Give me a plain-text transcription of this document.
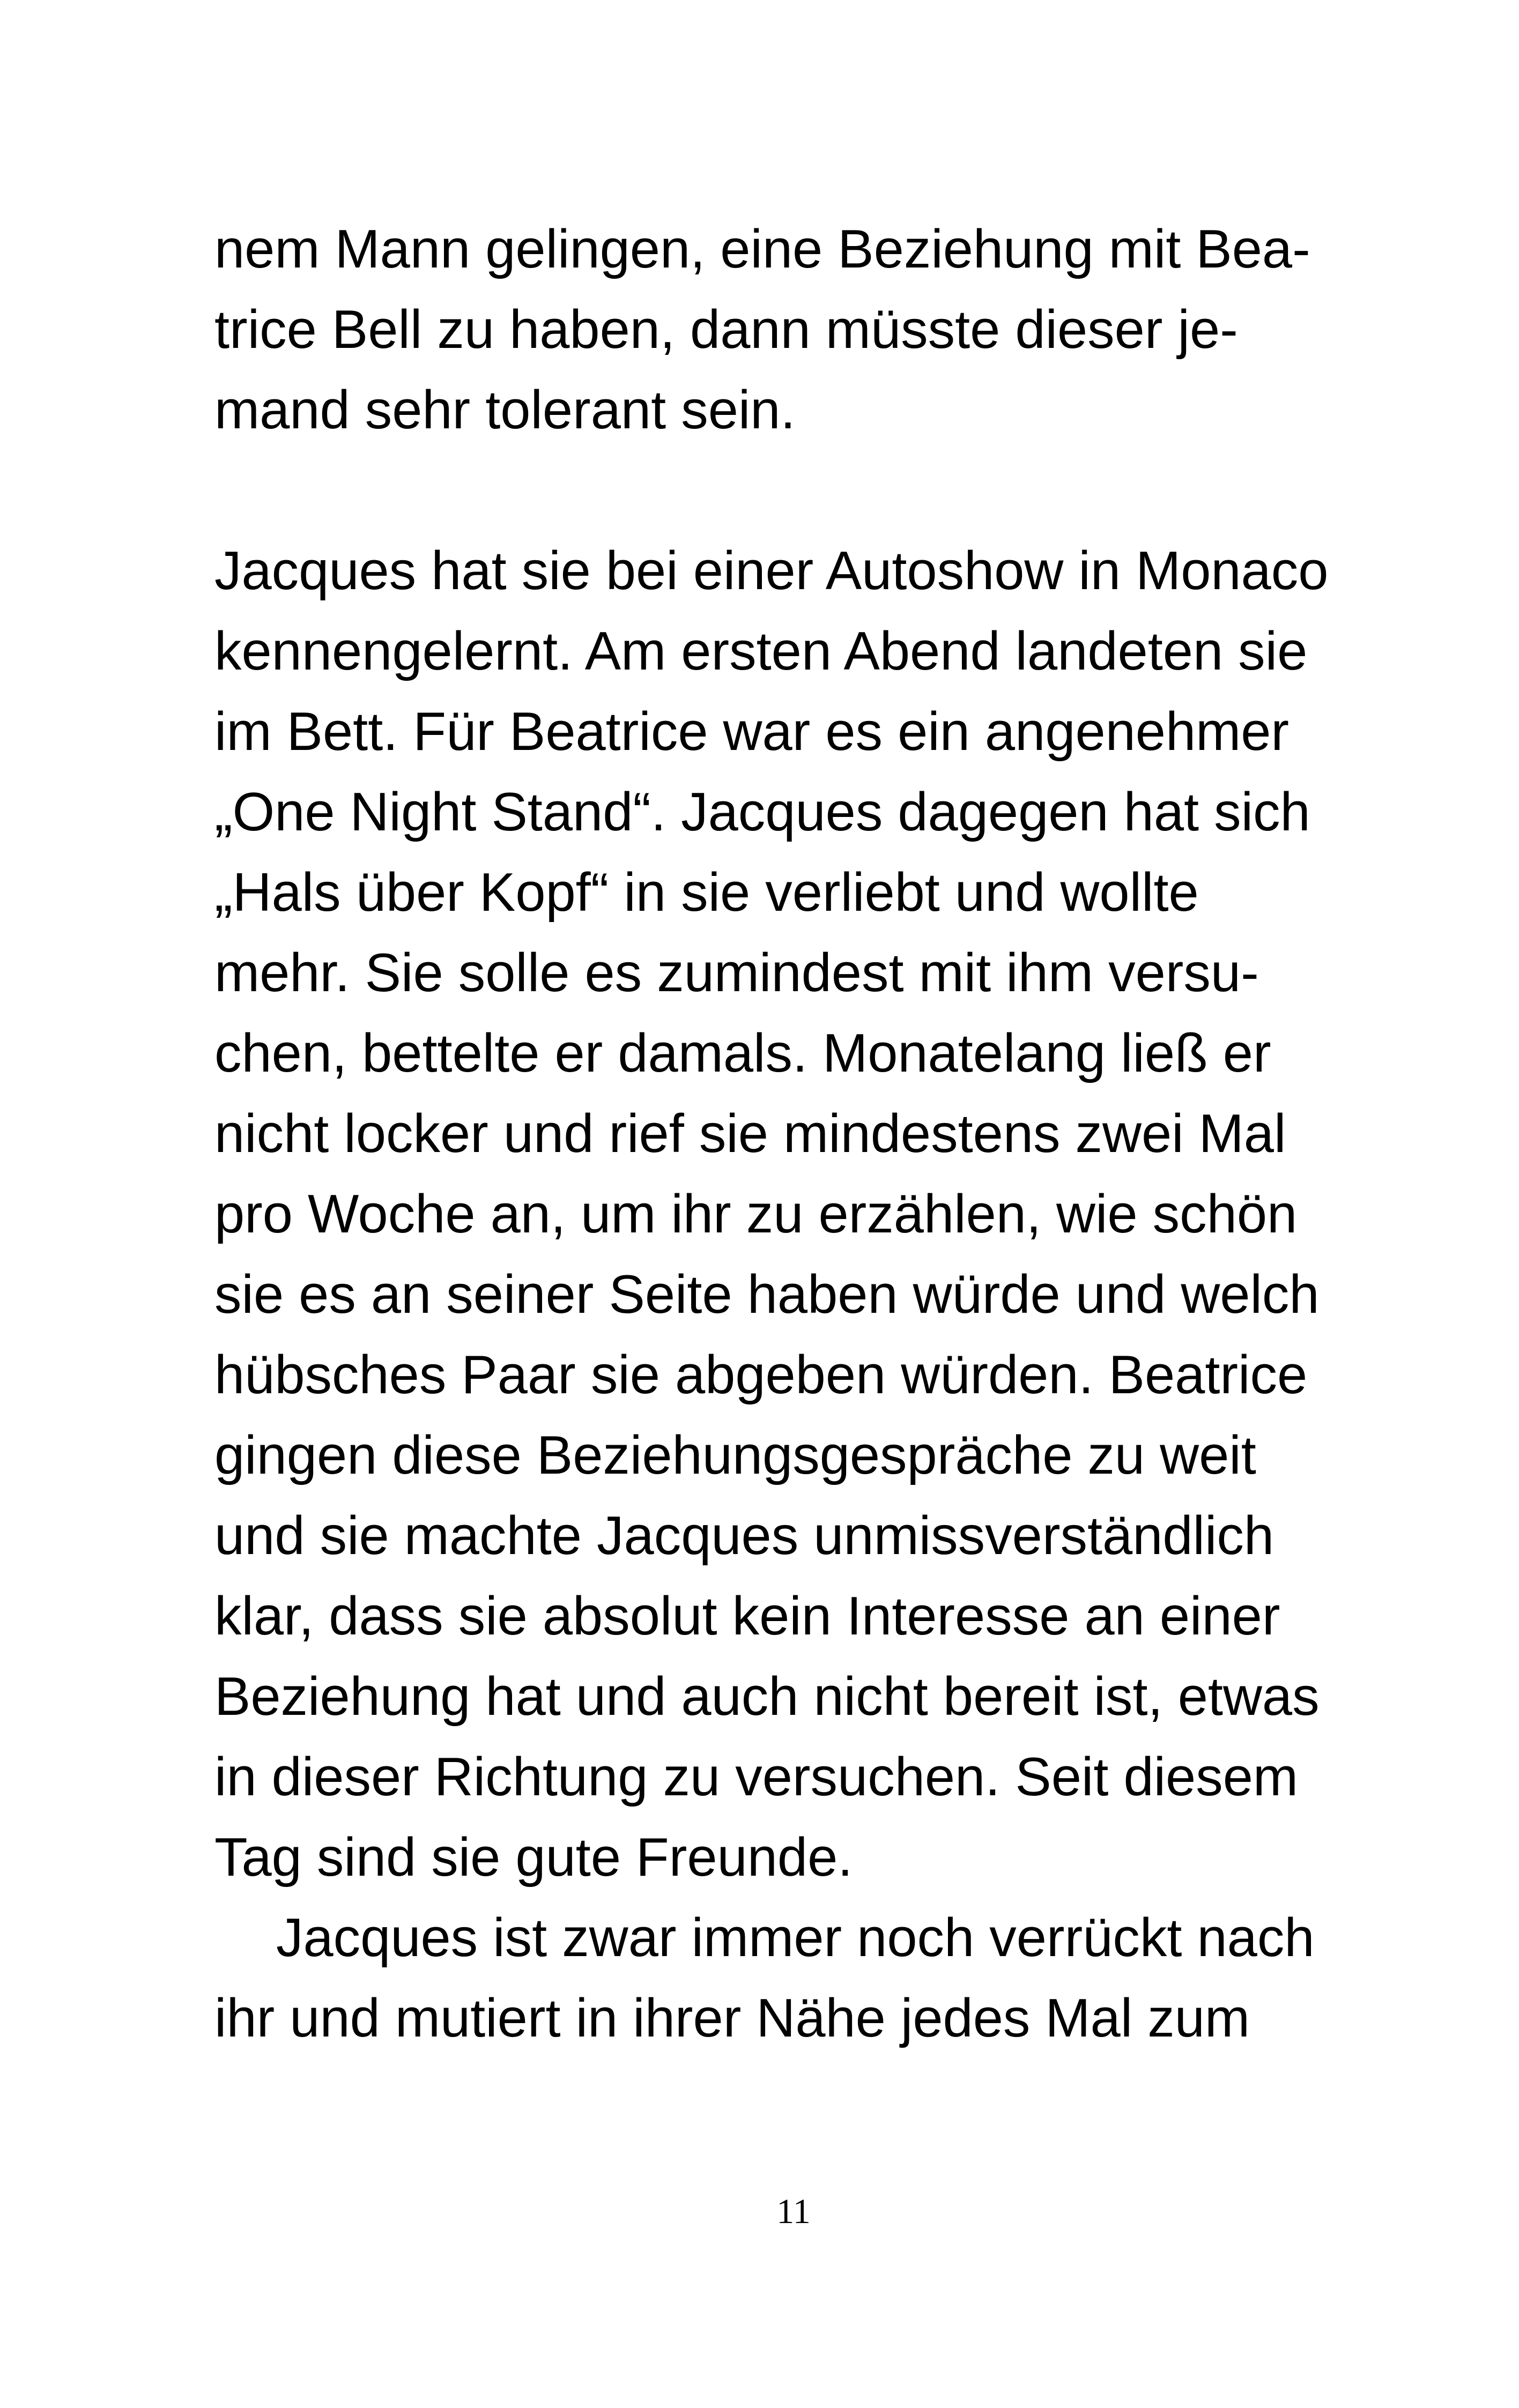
nem Mann gelingen, eine Beziehung mit Bea-
trice Bell zu haben, dann müsste dieser je-
mand sehr tolerant sein.
Jacques hat sie bei einer Autoshow in Monaco
kennengelernt. Am ersten Abend landeten sie
im Bett. Für Beatrice war es ein angenehmer
„One Night Stand“. Jacques dagegen hat sich
„Hals über Kopf“ in sie verliebt und wollte
mehr. Sie solle es zumindest mit ihm versu-
chen, bettelte er damals. Monatelang ließ er
nicht locker und rief sie mindestens zwei Mal
pro Woche an, um ihr zu erzählen, wie schön
sie es an seiner Seite haben würde und welch
hübsches Paar sie abgeben würden. Beatrice
gingen diese Beziehungsgespräche zu weit
und sie machte Jacques unmissverständlich
klar, dass sie absolut kein Interesse an einer
Beziehung hat und auch nicht bereit ist, etwas
in dieser Richtung zu versuchen. Seit diesem
Tag sind sie gute Freunde.
Jacques ist zwar immer noch verrückt nach
ihr und mutiert in ihrer Nähe jedes Mal zum
11
